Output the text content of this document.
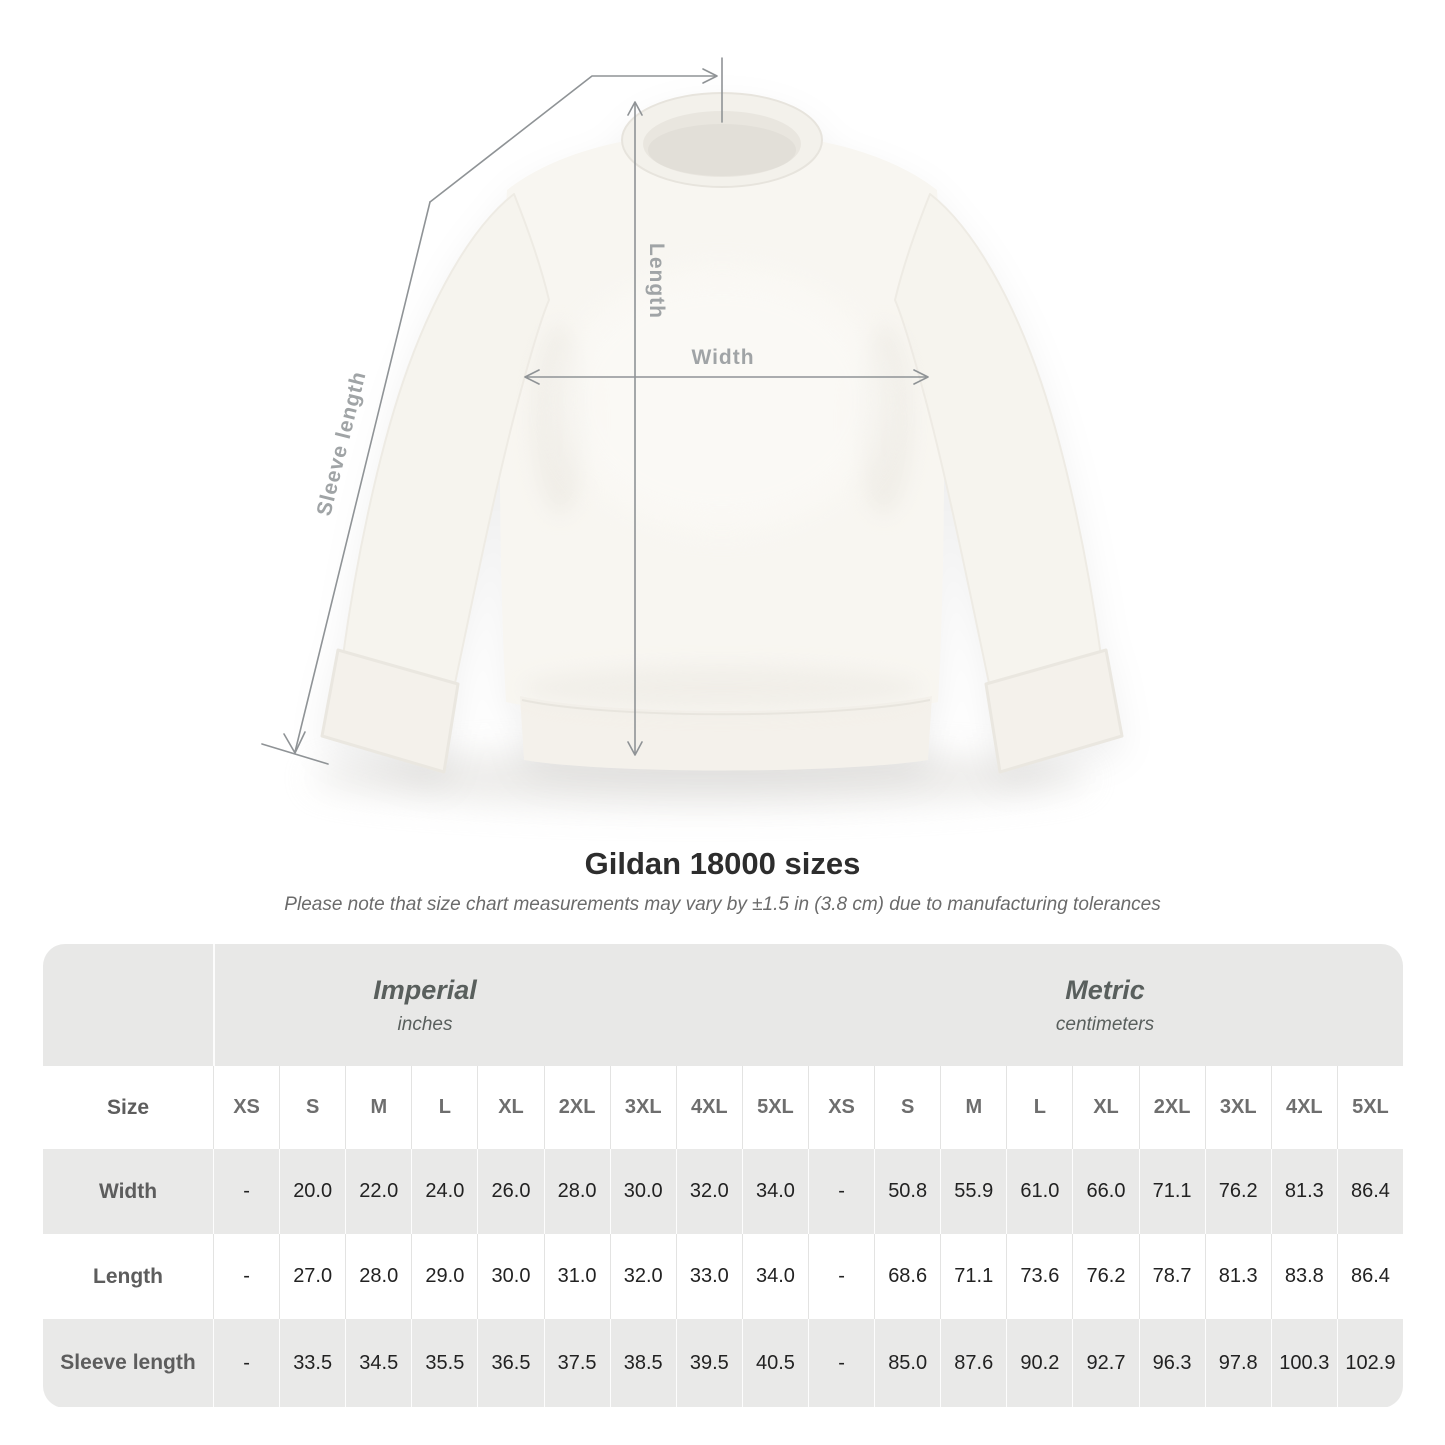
Length
Width
Sleeve length
Gildan 18000 sizes

Please note that size chart measurements may vary by ±1.5 in (3.8 cm) due to manufacturing tolerances

Imperial
inches
Metric
centimeters
Size	XS	S	M	L	XL	2XL	3XL	4XL	5XL	XS	S	M	L	XL	2XL	3XL	4XL	5XL
Width	-	20.0	22.0	24.0	26.0	28.0	30.0	32.0	34.0	-	50.8	55.9	61.0	66.0	71.1	76.2	81.3	86.4
Length	-	27.0	28.0	29.0	30.0	31.0	32.0	33.0	34.0	-	68.6	71.1	73.6	76.2	78.7	81.3	83.8	86.4
Sleeve length	-	33.5	34.5	35.5	36.5	37.5	38.5	39.5	40.5	-	85.0	87.6	90.2	92.7	96.3	97.8	100.3 102.9
